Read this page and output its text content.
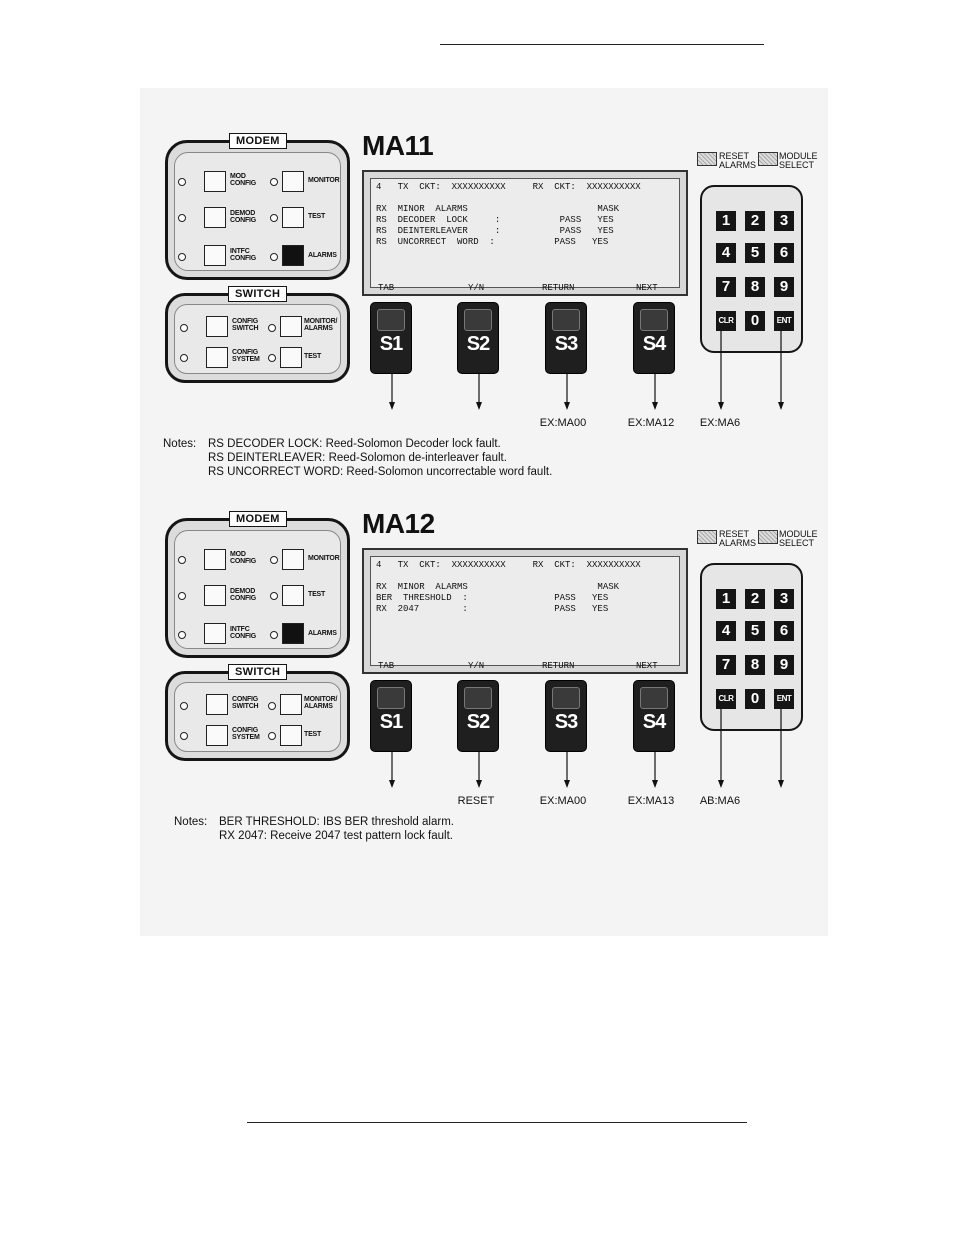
MA11
MODEM
MOD
CONFIG	MONITOR
DEMOD
CONFIG
TEST
INTFC
CONFIG	ALARMS
SWITCH
CONFIG
SWITCH
MONITOR/
ALARMS
CONFIG
SYSTEM	TEST
4   TX  CKT:  XXXXXXXXXX     RX  CKT:  XXXXXXXXXX

RX  MINOR  ALARMS                        MASK
RS  DECODER  LOCK     :           PASS   YES
RS  DEINTERLEAVER     :           PASS   YES
RS  UNCORRECT  WORD  :           PASS   YES
TAB	Y/N	RETURN	NEXT
S1	S2	S3	S4
RESET
ALARMS
MODULE
SELECT
1	2	3
4	5	6
7	8	9
CLR	0	ENT
EX:MA00	EX:MA12 EX:MA6
Notes: RS DECODER LOCK: Reed-Solomon Decoder lock fault.
RS DEINTERLEAVER: Reed-Solomon de-interleaver fault.
RS UNCORRECT WORD: Reed-Solomon uncorrectable word fault.
MA12
MODEM
MOD
CONFIG	MONITOR
DEMOD
CONFIG
TEST
INTFC
CONFIG	ALARMS
SWITCH
CONFIG
SWITCH
MONITOR/
ALARMS
CONFIG
SYSTEM	TEST
4   TX  CKT:  XXXXXXXXXX     RX  CKT:  XXXXXXXXXX

RX  MINOR  ALARMS                        MASK
BER  THRESHOLD  :                PASS   YES
RX  2047        :                PASS   YES
TAB	Y/N	RETURN	NEXT
S1	S2	S3	S4
RESET
ALARMS
MODULE
SELECT
1	2	3
4	5	6
7	8	9
CLR	0	ENT
RESET	EX:MA00	EX:MA13 AB:MA6
Notes: BER THRESHOLD: IBS BER threshold alarm.
RX 2047: Receive 2047 test pattern lock fault.
